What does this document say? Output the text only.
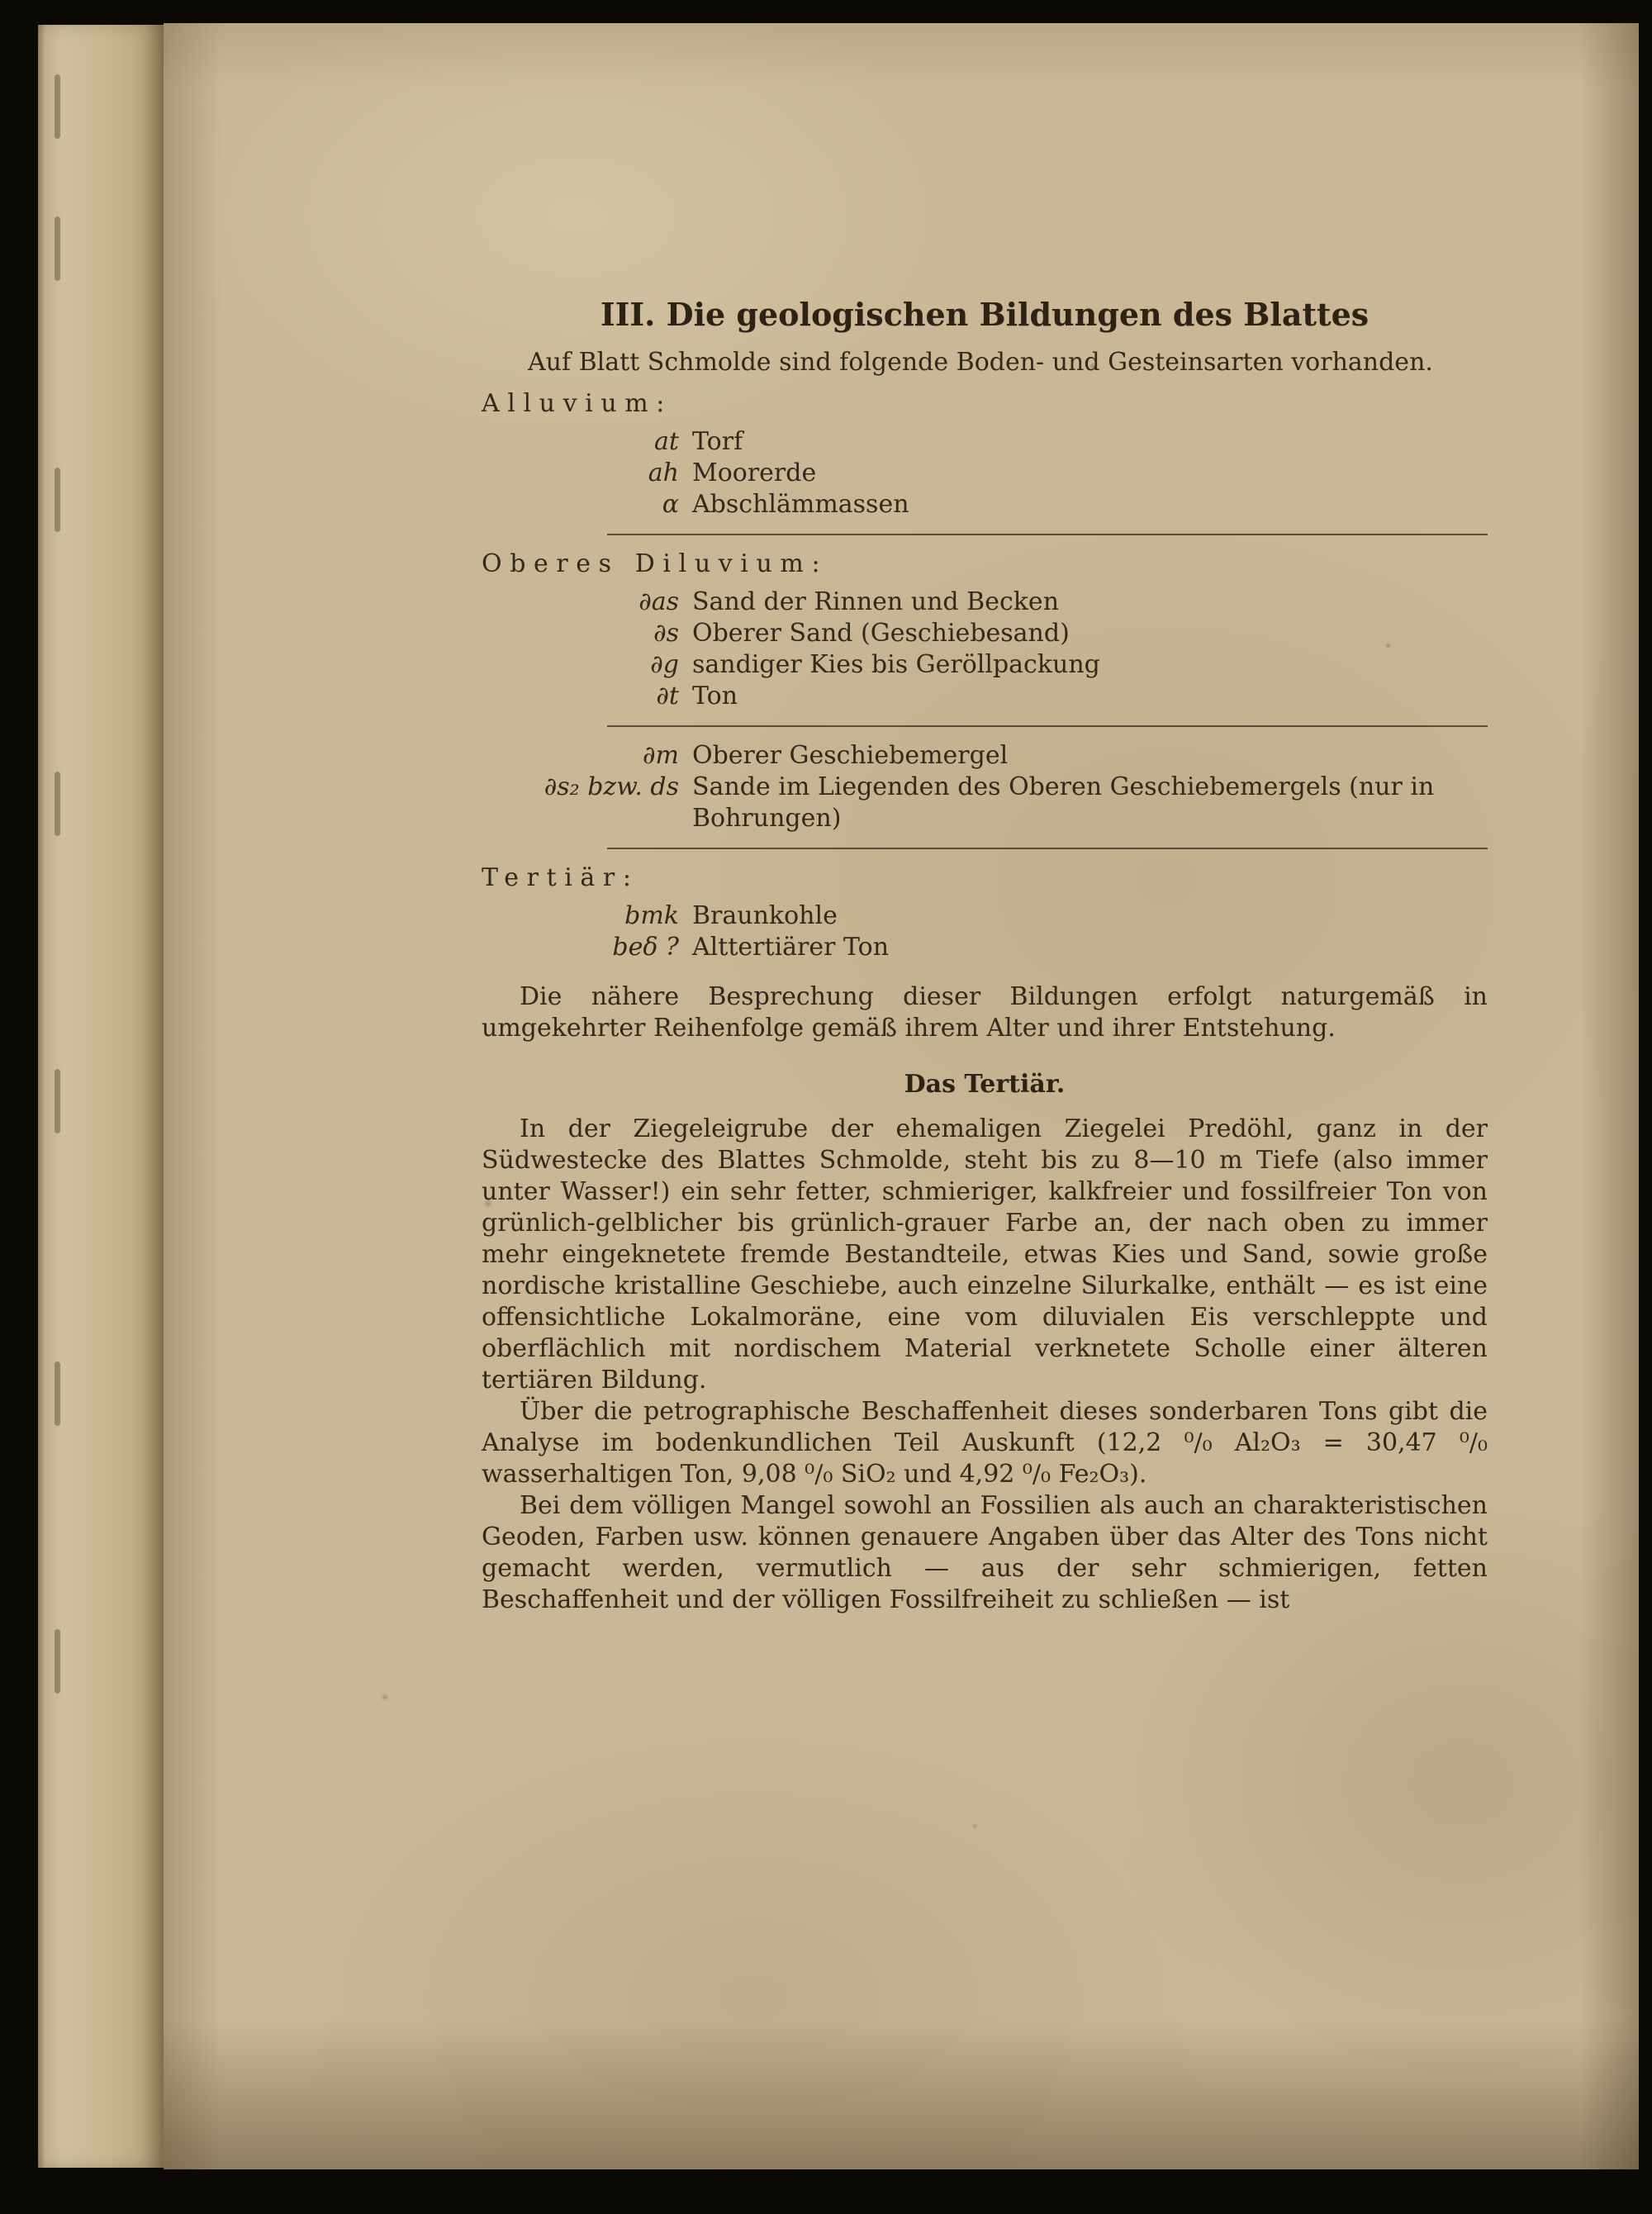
III. Die geologischen Bildungen des Blattes

Auf Blatt Schmolde sind folgende Boden- und Gesteinsarten vorhanden.

Alluvium:

at Torf
ah Moorerde
α Abschlämmassen

Oberes Diluvium:

∂as Sand der Rinnen und Becken
∂s Oberer Sand (Geschiebesand)
∂g sandiger Kies bis Geröllpackung
∂t Ton
∂m Oberer Geschiebemergel
∂s₂ bzw. ds Sande im Liegenden des Oberen Geschiebemergels (nur in Bohrungen)

Tertiär:

bmk Braunkohle
beδ ? Alttertiärer Ton

Die nähere Besprechung dieser Bildungen erfolgt naturgemäß in umgekehrter Reihenfolge gemäß ihrem Alter und ihrer Entstehung.

Das Tertiär.

In der Ziegeleigrube der ehemaligen Ziegelei Predöhl, ganz in der Südwestecke des Blattes Schmolde, steht bis zu 8—10 m Tiefe (also immer unter Wasser!) ein sehr fetter, schmieriger, kalkfreier und fossilfreier Ton von grünlich-gelblicher bis grünlich-grauer Farbe an, der nach oben zu immer mehr eingeknetete fremde Bestandteile, etwas Kies und Sand, sowie große nordische kristalline Geschiebe, auch einzelne Silurkalke, enthält — es ist eine offensichtliche Lokalmoräne, eine vom diluvialen Eis verschleppte und oberflächlich mit nordischem Material verknetete Scholle einer älteren tertiären Bildung.

Über die petrographische Beschaffenheit dieses sonderbaren Tons gibt die Analyse im bodenkundlichen Teil Auskunft (12,2 ⁰/₀ Al₂O₃ = 30,47 ⁰/₀ wasserhaltigen Ton, 9,08 ⁰/₀ SiO₂ und 4,92 ⁰/₀ Fe₂O₃).

Bei dem völligen Mangel sowohl an Fossilien als auch an charakteristischen Geoden, Farben usw. können genauere Angaben über das Alter des Tons nicht gemacht werden, vermutlich — aus der sehr schmierigen, fetten Beschaffenheit und der völligen Fossilfreiheit zu schließen — ist
